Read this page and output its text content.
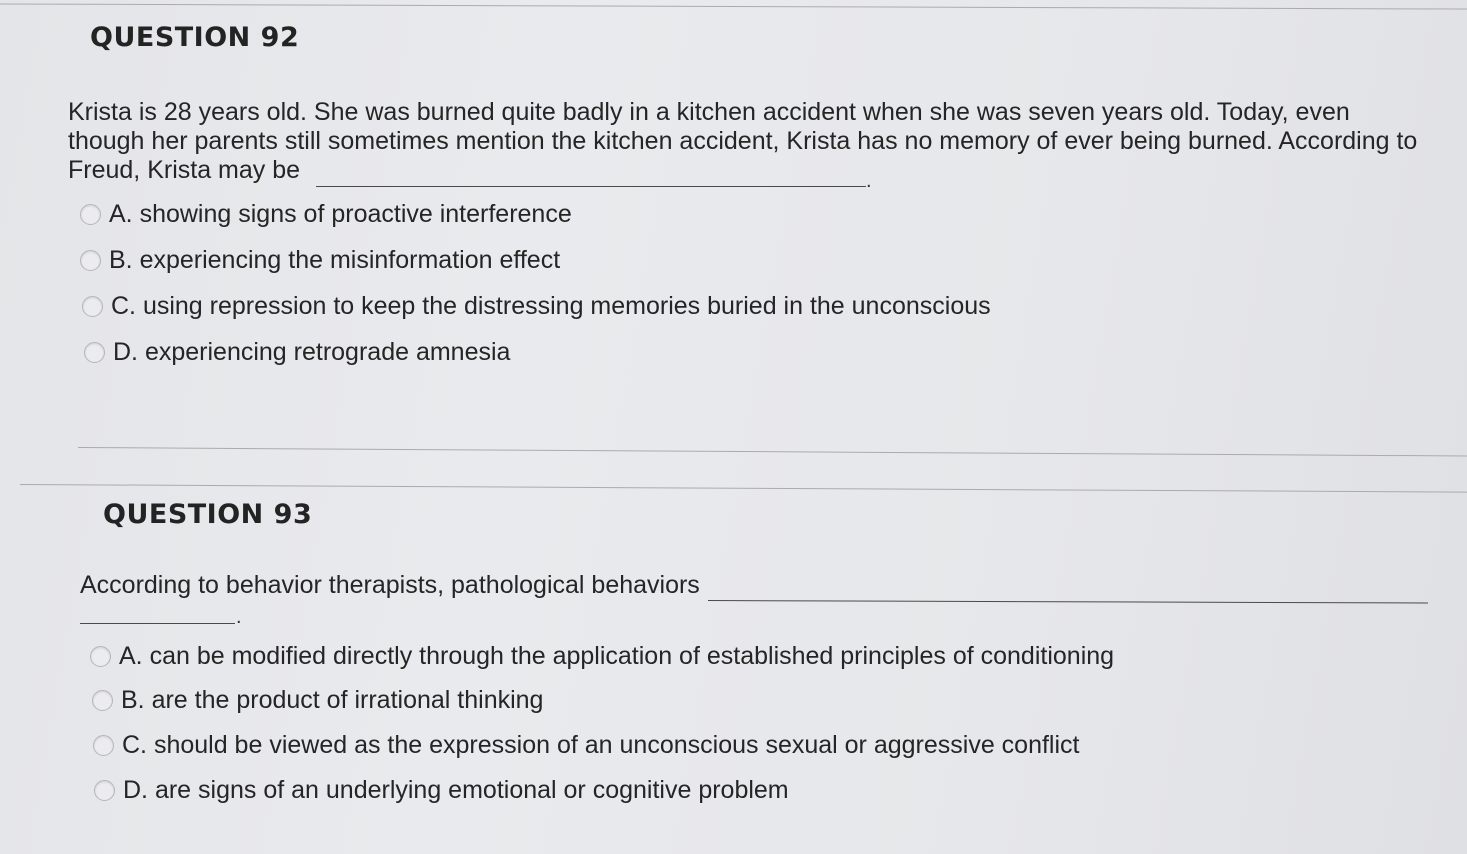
QUESTION 92
Krista is 28 years old. She was burned quite badly in a kitchen accident when she was seven years old. Today, even
though her parents still sometimes mention the kitchen accident, Krista has no memory of ever being burned. According to
Freud, Krista may be	.
A. showing signs of proactive interference
B. experiencing the misinformation effect
C. using repression to keep the distressing memories buried in the unconscious
D. experiencing retrograde amnesia
QUESTION 93
According to behavior therapists, pathological behaviors
.
A. can be modified directly through the application of established principles of conditioning
B. are the product of irrational thinking
C. should be viewed as the expression of an unconscious sexual or aggressive conflict
D. are signs of an underlying emotional or cognitive problem
